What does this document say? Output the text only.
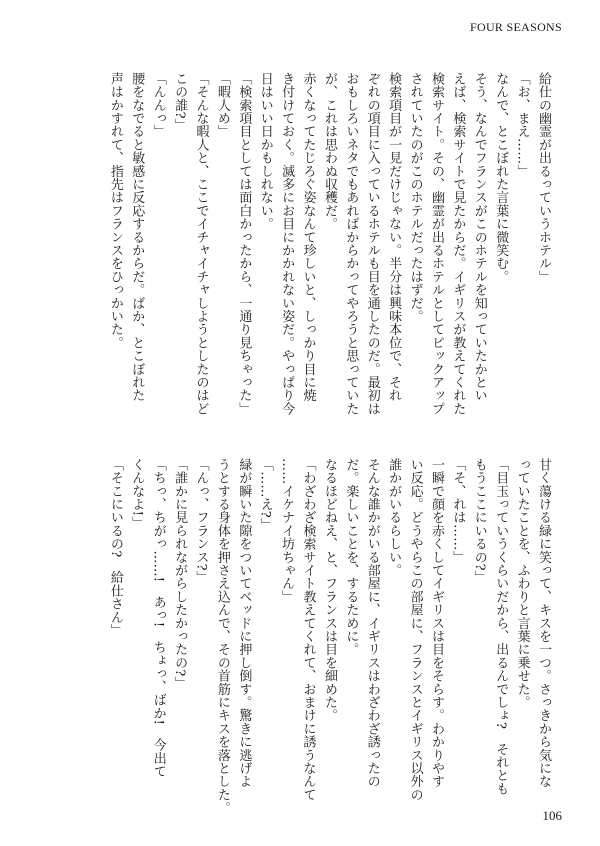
FOUR SEASONS
給仕の幽霊が出るっていうホテル」
「お、まえ……」
なんで、とこぼれた言葉に微笑む。
そう、なんでフランスがこのホテルを知っていたかとい
えば、検索サイトで見たからだ。イギリスが教えてくれた
検索サイト。その、幽霊が出るホテルとしてピックアップ
されていたのがこのホテルだったはずだ。
検索項目が一見だけじゃない。半分は興味本位で、それ
ぞれの項目に入っているホテルも目を通したのだ。最初は
おもしろいネタでもあればからかってやろうと思っていた
が、これは思わぬ収穫だ。
赤くなってたじろぐ姿なんて珍しいと、しっかり目に焼
き付けておく。滅多にお目にかかれない姿だ。やっぱり今
日はいい日かもしれない。
「検索項目としては面白かったから、一通り見ちゃった」
「暇人め」
「そんな暇人と、ここでイチャイチャしようとしたのはど
この誰?」
「んんっ」
腰をなでると敏感に反応するからだ。ばか、とこぼれた
声はかすれて、指先はフランスをひっかいた。
甘く蕩ける緑に笑って、キスを一つ。さっきから気にな
っていたことを、ふわりと言葉に乗せた。
「目玉っていうくらいだから、出るんでしょ?　それとも
もうここにいるの?」
「そ、れは……」
一瞬で顔を赤くしてイギリスは目をそらす。わかりやす
い反応。どうやらこの部屋に、フランスとイギリス以外の
誰かがいるらしい。
そんな誰かがいる部屋に、イギリスはわざわざ誘ったの
だ。楽しいことを、するために。
なるほどねえ、と、フランスは目を細めた。
「わざわざ検索サイト教えてくれて、おまけに誘うなんて
……イケナイ坊ちゃん」
「……え?」
緑が瞬いた隙をついてベッドに押し倒す。驚きに逃げよ
うとする身体を押さえ込んで、その首筋にキスを落とした。
「んっ、フランス?」
「誰かに見られながらしたかったの?」
「ちっ、ちがっ……!　あっ!　ちょっ、ばか!　今出て
くんなよ!」
「そこにいるの?　給仕さん」
106
